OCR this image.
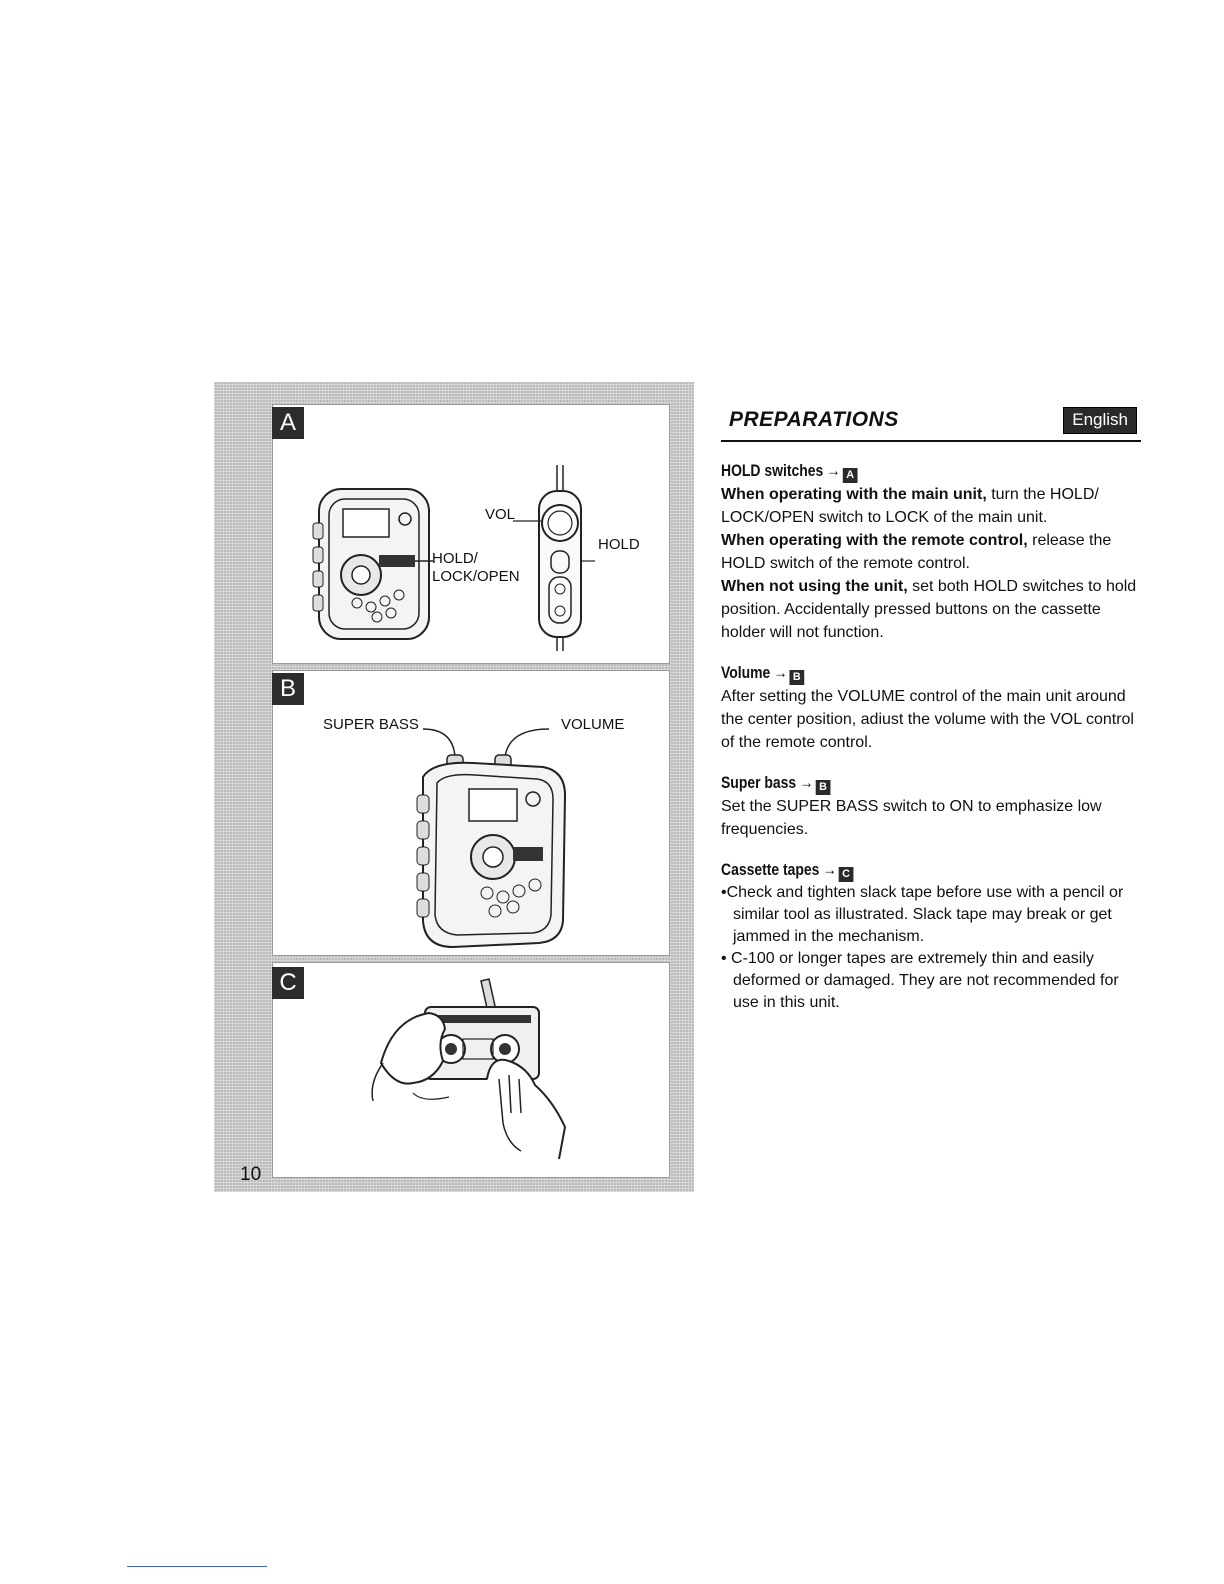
A
B
C
VOL
HOLD/
LOCK/OPEN
HOLD
SUPER BASS	VOLUME
10
PREPARATIONS	English
HOLD switches → A

When operating with the main unit, turn the HOLD/ LOCK/OPEN switch to LOCK of the main unit.
When operating with the remote control, release the HOLD switch of the remote control.
When not using the unit, set both HOLD switches to hold position. Accidentally pressed buttons on the cassette holder will not function.

Volume → B

After setting the VOLUME control of the main unit around the center position, adiust the volume with the VOL control of the remote control.

Super bass → B

Set the SUPER BASS switch to ON to emphasize low frequencies.

Cassette tapes → C
•Check and tighten slack tape before use with a pencil or similar tool as illustrated. Slack tape may break or get jammed in the mechanism.
• C-100 or longer tapes are extremely thin and easily deformed or damaged. They are not recommended for use in this unit.
